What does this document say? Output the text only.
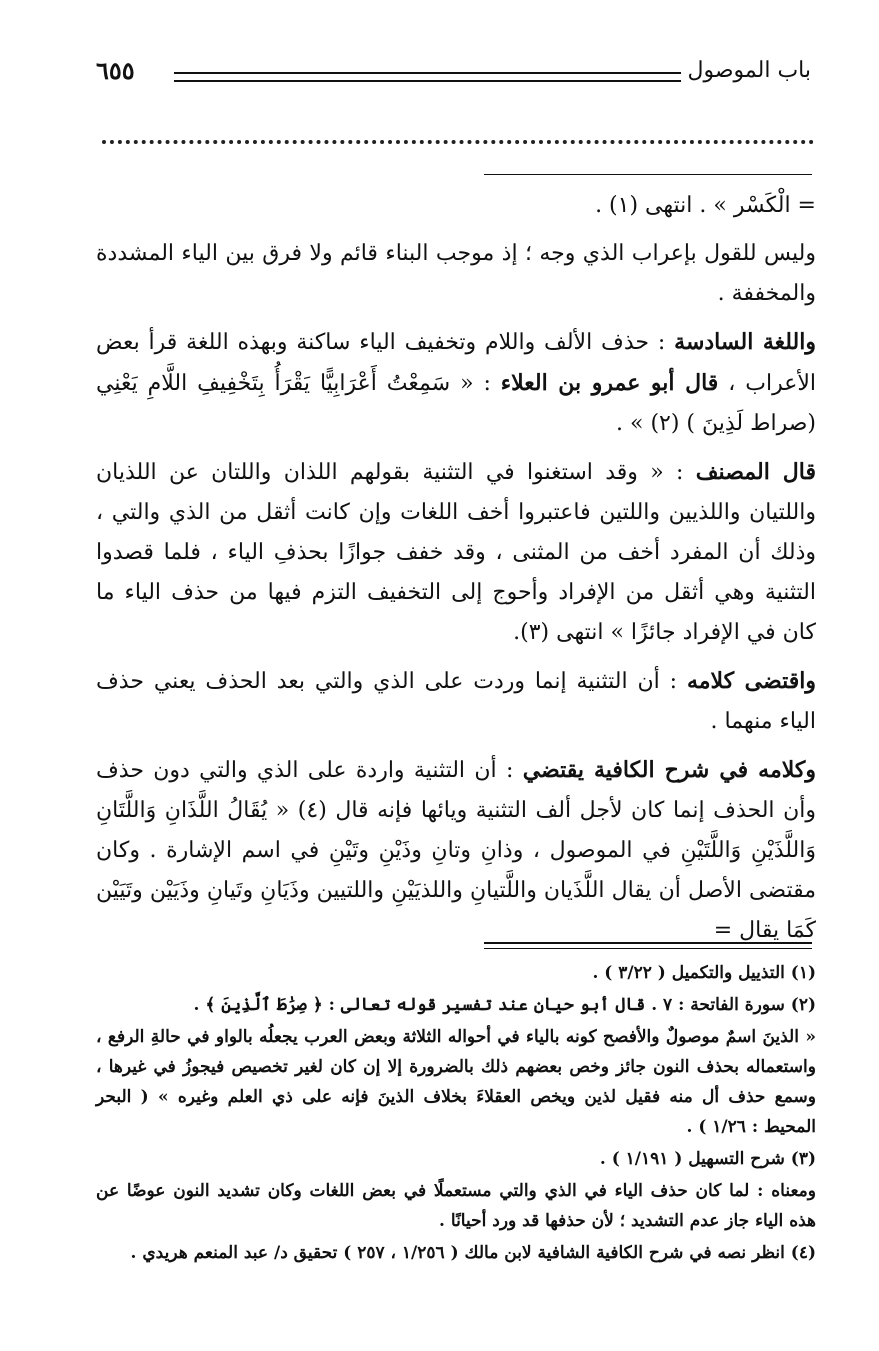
باب الموصول
٦٥٥

= الْكَسْر » . انتهى (١) .

وليس للقول بإعراب الذي وجه ؛ إذ موجب البناء قائم ولا فرق بين الياء المشددة والمخففة .

واللغة السادسة : حذف الألف واللام وتخفيف الياء ساكنة وبهذه اللغة قرأ بعض الأعراب ، قال أبو عمرو بن العلاء : « سَمِعْتُ أَعْرَابِيًّا يَقْرَأُ بِتَخْفِيفِ اللَّامِ يَعْنِي (صراط لَذِينَ ) (٢) » .

قال المصنف : « وقد استغنوا في التثنية بقولهم اللذان واللتان عن اللذيان واللتيان واللذيين واللتين فاعتبروا أخف اللغات وإن كانت أثقل من الذي والتي ، وذلك أن المفرد أخف من المثنى ، وقد خفف جوازًا بحذفِ الياء ، فلما قصدوا التثنية وهي أثقل من الإفراد وأحوج إلى التخفيف التزم فيها من حذف الياء ما كان في الإفراد جائزًا » انتهى (٣).

واقتضى كلامه : أن التثنية إنما وردت على الذي والتي بعد الحذف يعني حذف الياء منهما .

وكلامه في شرح الكافية يقتضي : أن التثنية واردة على الذي والتي دون حذف وأن الحذف إنما كان لأجل ألف التثنية ويائها فإنه قال (٤) « يُقَالُ اللَّذَانِ وَاللَّتَانِ وَاللَّذَيْنِ وَاللَّتَيْنِ في الموصول ، وذانِ وتانِ وذَيْنِ وتَيْنِ في اسم الإشارة . وكان مقتضى الأصل أن يقال اللَّذَيان واللَّتيانِ واللذيَيْنِ واللتيين وذَيَانِ وتَيانِ وذَيَيْن وتَيَيْن كَمَا يقال =

(١) التذييل والتكميل ( ٣/٢٢ ) .

(٢) سورة الفاتحة : ٧ . قال أبو حيان عند تفسير قوله تعالى : ﴿ صِرَٰطَ ٱلَّذِينَ ﴾ .

« الذينَ اسمٌ موصولٌ والأفصح كونه بالياء في أحواله الثلاثة وبعض العرب يجعلُه بالواو في حالةِ الرفع ، واستعماله بحذف النون جائز وخص بعضهم ذلك بالضرورة إلا إن كان لغير تخصيص فيجوزُ في غيرها ، وسمع حذف أل منه فقيل لذين ويخص العقلاءَ بخلاف الذينَ فإنه على ذي العلم وغيره » ( البحر المحيط : ١/٢٦ ) .

(٣) شرح التسهيل ( ١/١٩١ ) .

ومعناه : لما كان حذف الياء في الذي والتي مستعملًا في بعض اللغات وكان تشديد النون عوضًا عن هذه الياء جاز عدم التشديد ؛ لأن حذفها قد ورد أحيانًا .

(٤) انظر نصه في شرح الكافية الشافية لابن مالك ( ١/٢٥٦ ، ٢٥٧ ) تحقيق د/ عبد المنعم هريدي .
